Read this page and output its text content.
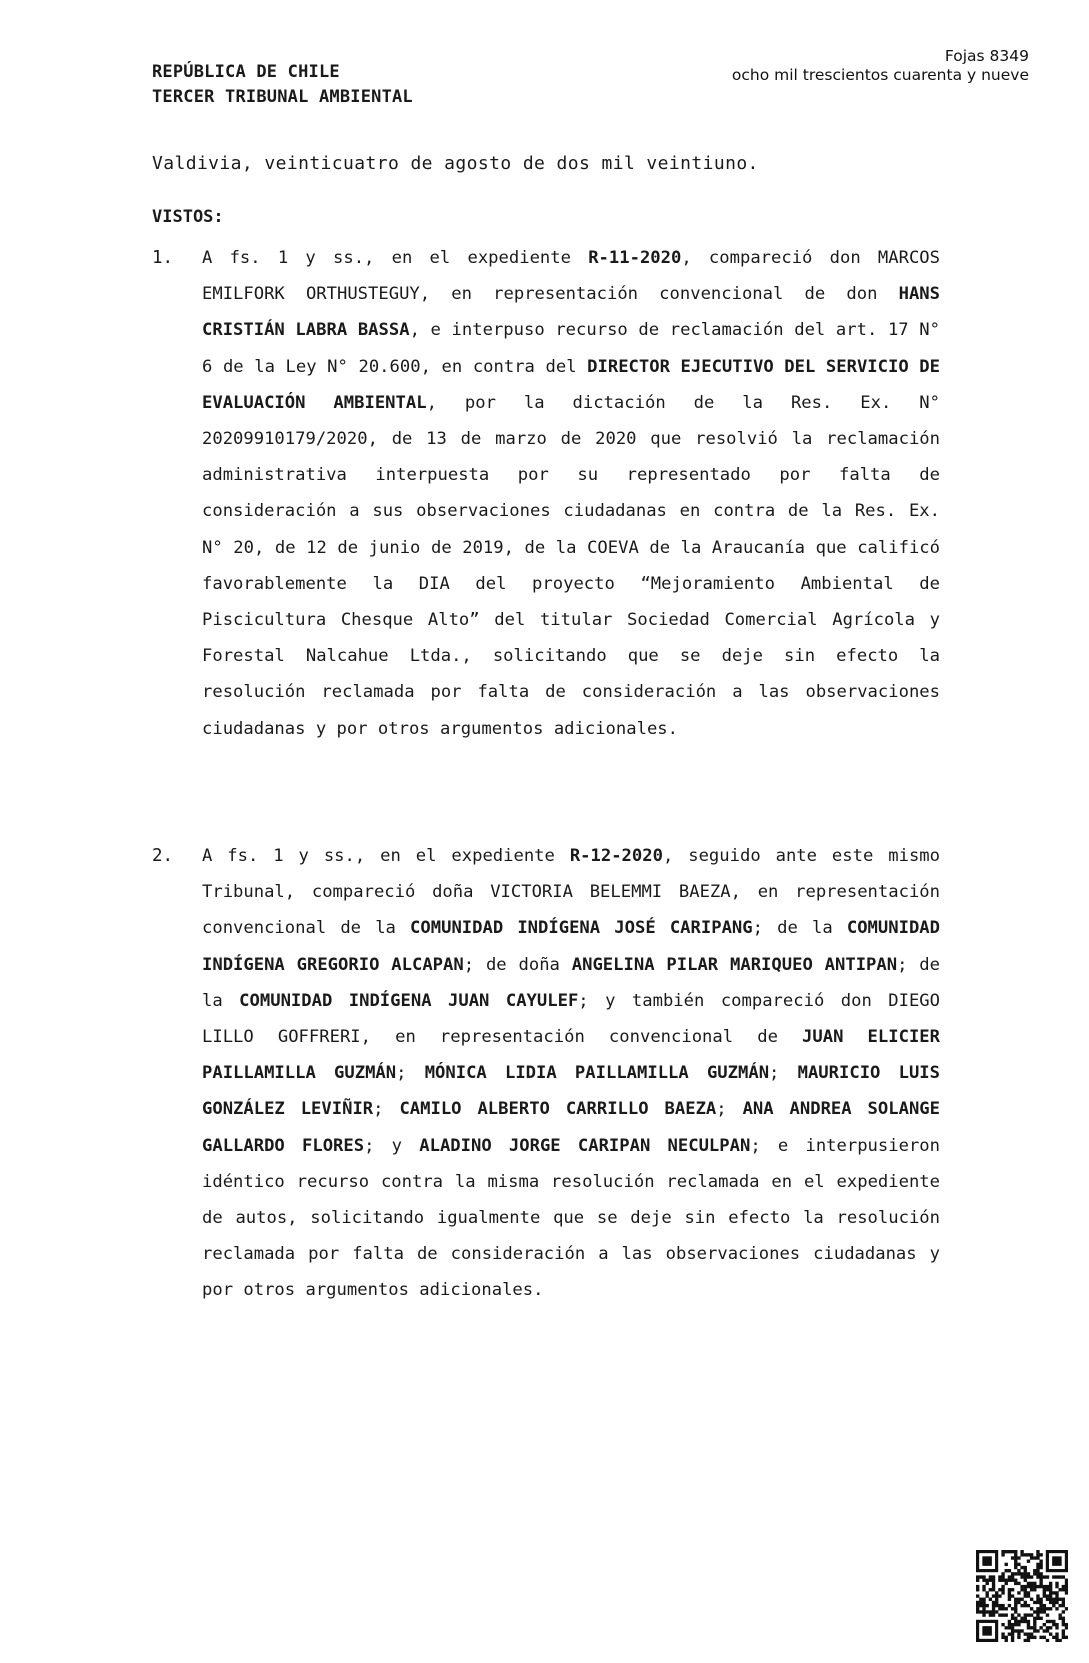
REPÚBLICA DE CHILE
TERCER TRIBUNAL AMBIENTAL
Fojas 8349
ocho mil trescientos cuarenta y nueve
Valdivia, veinticuatro de agosto de dos mil veintiuno.
VISTOS:
1. A fs. 1 y ss., en el expediente R-11-2020, compareció don MARCOS EMILFORK ORTHUSTEGUY, en representación convencional de don HANS CRISTIÁN LABRA BASSA, e interpuso recurso de reclamación del art. 17 N° 6 de la Ley N° 20.600, en contra del DIRECTOR EJECUTIVO DEL SERVICIO DE EVALUACIÓN AMBIENTAL, por la dictación de la Res. Ex. N° 20209910179/2020, de 13 de marzo de 2020 que resolvió la reclamación administrativa interpuesta por su representado por falta de consideración a sus observaciones ciudadanas en contra de la Res. Ex. N° 20, de 12 de junio de 2019, de la COEVA de la Araucanía que calificó favorablemente la DIA del proyecto “Mejoramiento Ambiental de Piscicultura Chesque Alto” del titular Sociedad Comercial Agrícola y Forestal Nalcahue Ltda., solicitando que se deje sin efecto la resolución reclamada por falta de consideración a las observaciones ciudadanas y por otros argumentos adicionales.
2. A fs. 1 y ss., en el expediente R-12-2020, seguido ante este mismo Tribunal, compareció doña VICTORIA BELEMMI BAEZA, en representación convencional de la COMUNIDAD INDÍGENA JOSÉ CARIPANG; de la COMUNIDAD INDÍGENA GREGORIO ALCAPAN; de doña ANGELINA PILAR MARIQUEO ANTIPAN; de la COMUNIDAD INDÍGENA JUAN CAYULEF; y también compareció don DIEGO LILLO GOFFRERI, en representación convencional de JUAN ELICIER PAILLAMILLA GUZMÁN; MÓNICA LIDIA PAILLAMILLA GUZMÁN; MAURICIO LUIS GONZÁLEZ LEVIÑIR; CAMILO ALBERTO CARRILLO BAEZA; ANA ANDREA SOLANGE GALLARDO FLORES; y ALADINO JORGE CARIPAN NECULPAN; e interpusieron idéntico recurso contra la misma resolución reclamada en el expediente de autos, solicitando igualmente que se deje sin efecto la resolución reclamada por falta de consideración a las observaciones ciudadanas y por otros argumentos adicionales.
